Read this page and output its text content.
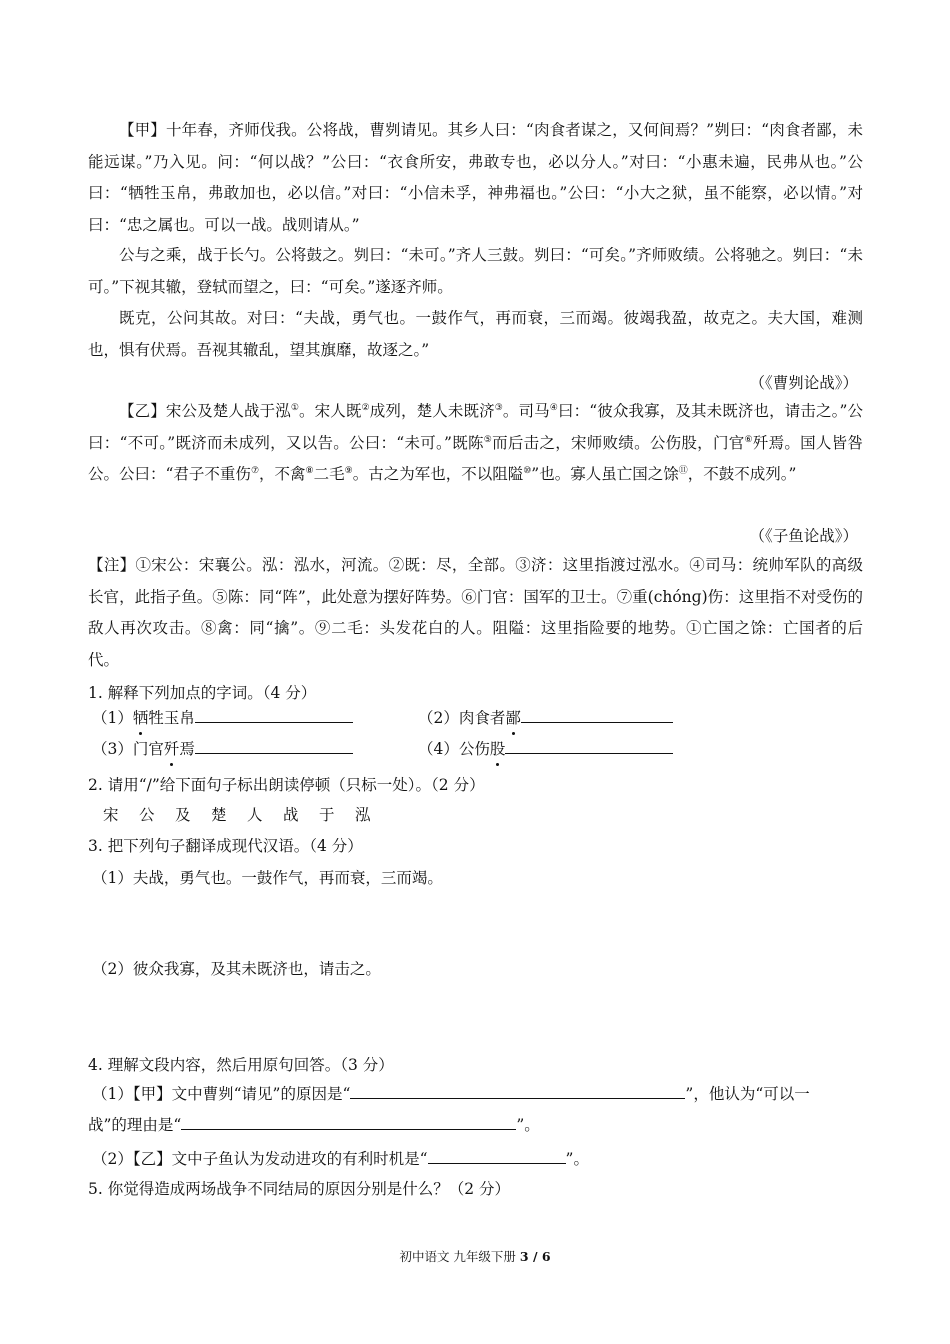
【甲】十年春，齐师伐我。公将战，曹刿请见。其乡人曰：“肉食者谋之，又何间焉？”刿曰：“肉食者鄙，未能远谋。”乃入见。问：“何以战？”公曰：“衣食所安，弗敢专也，必以分人。”对曰：“小惠未遍，民弗从也。”公曰：“牺牲玉帛，弗敢加也，必以信。”对曰：“小信未孚，神弗福也。”公曰：“小大之狱，虽不能察，必以情。”对曰：“忠之属也。可以一战。战则请从。”

公与之乘，战于长勺。公将鼓之。刿曰：“未可。”齐人三鼓。刿曰：“可矣。”齐师败绩。公将驰之。刿曰：“未可。”下视其辙，登轼而望之，曰：“可矣。”遂逐齐师。

既克，公问其故。对曰：“夫战，勇气也。一鼓作气，再而衰，三而竭。彼竭我盈，故克之。夫大国，难测也，惧有伏焉。吾视其辙乱，望其旗靡，故逐之。”

（《曹刿论战》）

【乙】宋公及楚人战于泓①。宋人既②成列，楚人未既济③。司马④曰：“彼众我寡，及其未既济也，请击之。”公曰：“不可。”既济而未成列，又以告。公曰：“未可。”既陈⑤而后击之，宋师败绩。公伤股，门官⑥歼焉。国人皆咎公。公曰：“君子不重伤⑦，不禽⑧二毛⑨。古之为军也，不以阻隘⑩”也。寡人虽亡国之馀⑪，不鼓不成列。”

（《子鱼论战》）

【注】①宋公：宋襄公。泓：泓水，河流。②既：尽，全部。③济：这里指渡过泓水。④司马：统帅军队的高级长官，此指子鱼。⑤陈：同“阵”，此处意为摆好阵势。⑥门官：国军的卫士。⑦重(chónɡ)伤：这里指不对受伤的敌人再次攻击。⑧禽：同“擒”。⑨二毛：头发花白的人。阻隘：这里指险要的地势。①亡国之馀：亡国者的后代。

1. 解释下列加点的字词。（4 分）

（1）牺牲玉帛	（2）肉食者鄙

（3）门官歼焉	（4）公伤股

2. 请用“/”给下面句子标出朗读停顿（只标一处）。（2 分）

宋 公 及 楚 人 战 于 泓

3. 把下列句子翻译成现代汉语。（4 分）

（1）夫战，勇气也。一鼓作气，再而衰，三而竭。

（2）彼众我寡，及其未既济也，请击之。

4. 理解文段内容，然后用原句回答。（3 分）

（1）【甲】文中曹刿“请见”的原因是“	”，他认为“可以一

战”的理由是“	”。

（2）【乙】文中子鱼认为发动进攻的有利时机是“	”。

5. 你觉得造成两场战争不同结局的原因分别是什么？（2 分）

初中语文 九年级下册 3 / 6
